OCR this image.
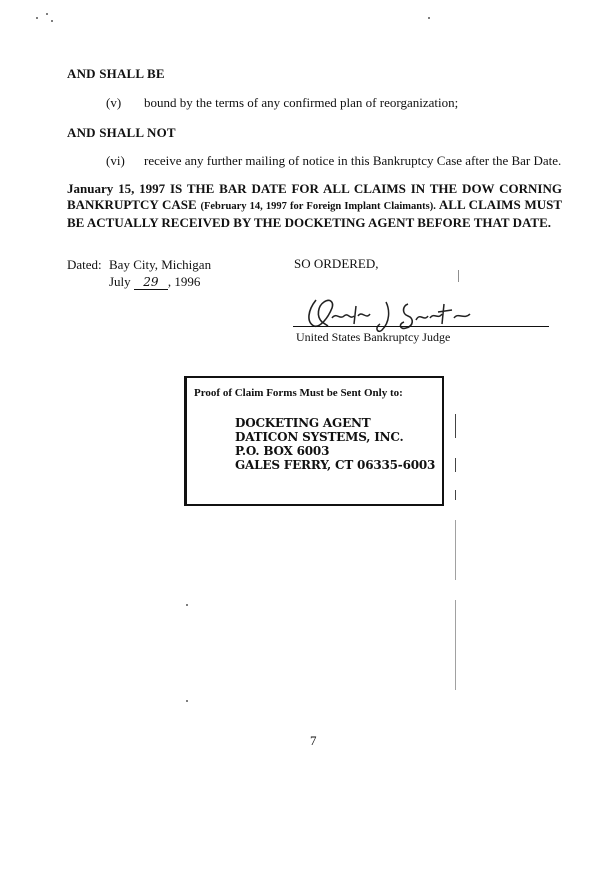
AND SHALL BE
(v) bound by the terms of any confirmed plan of reorganization;
AND SHALL NOT
(vi) receive any further mailing of notice in this Bankruptcy Case after the Bar Date.
January 15, 1997 IS THE BAR DATE FOR ALL CLAIMS IN THE DOW CORNING BANKRUPTCY CASE (February 14, 1997 for Foreign Implant Claimants). ALL CLAIMS MUST BE ACTUALLY RECEIVED BY THE DOCKETING AGENT BEFORE THAT DATE.
Dated: Bay City, Michigan
July 29 , 1996
SO ORDERED,
United States Bankruptcy Judge
Proof of Claim Forms Must be Sent Only to:
DOCKETING AGENT
DATICON SYSTEMS, INC.
P.O. BOX 6003
GALES FERRY, CT 06335-6003
7
